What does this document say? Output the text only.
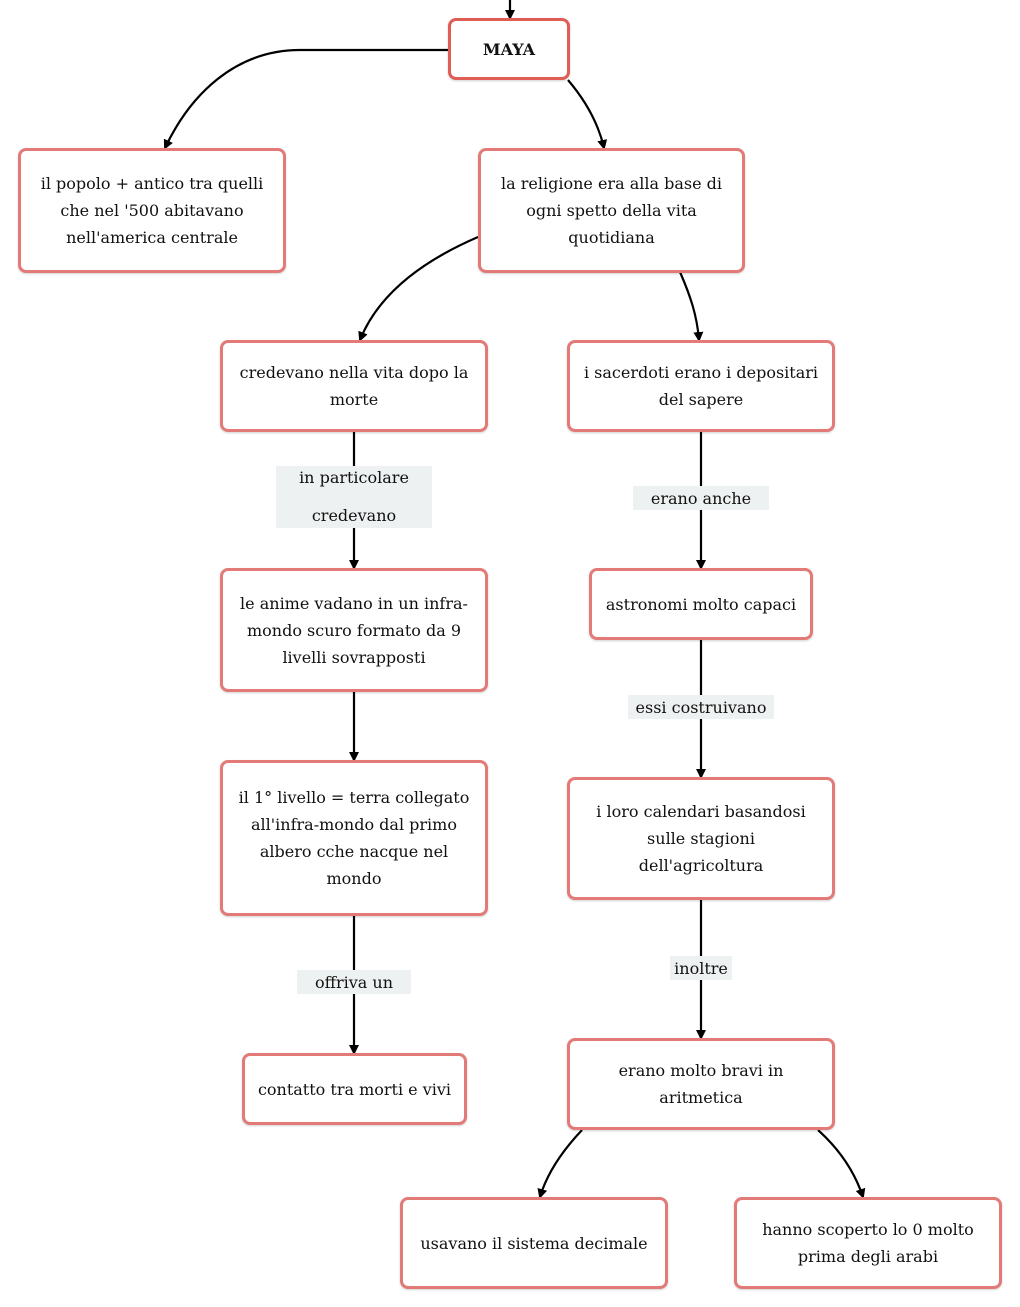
MAYA
il popolo + antico tra quelli che nel '500 abitavano nell'america centrale
la religione era alla base di ogni spetto della vita quotidiana
credevano nella vita dopo la morte
i sacerdoti erano i depositari del sapere
le anime vadano in un infra-mondo scuro formato da 9 livelli sovrapposti
astronomi molto capaci
il 1° livello = terra collegato all'infra-mondo dal primo albero cche nacque nel mondo
i loro calendari basandosi sulle stagioni dell'agricoltura
contatto tra morti e vivi
erano molto bravi in aritmetica
usavano il sistema decimale
hanno scoperto lo 0 molto prima degli arabi
in particolare
credevano
erano anche
essi costruivano
offriva un
inoltre
